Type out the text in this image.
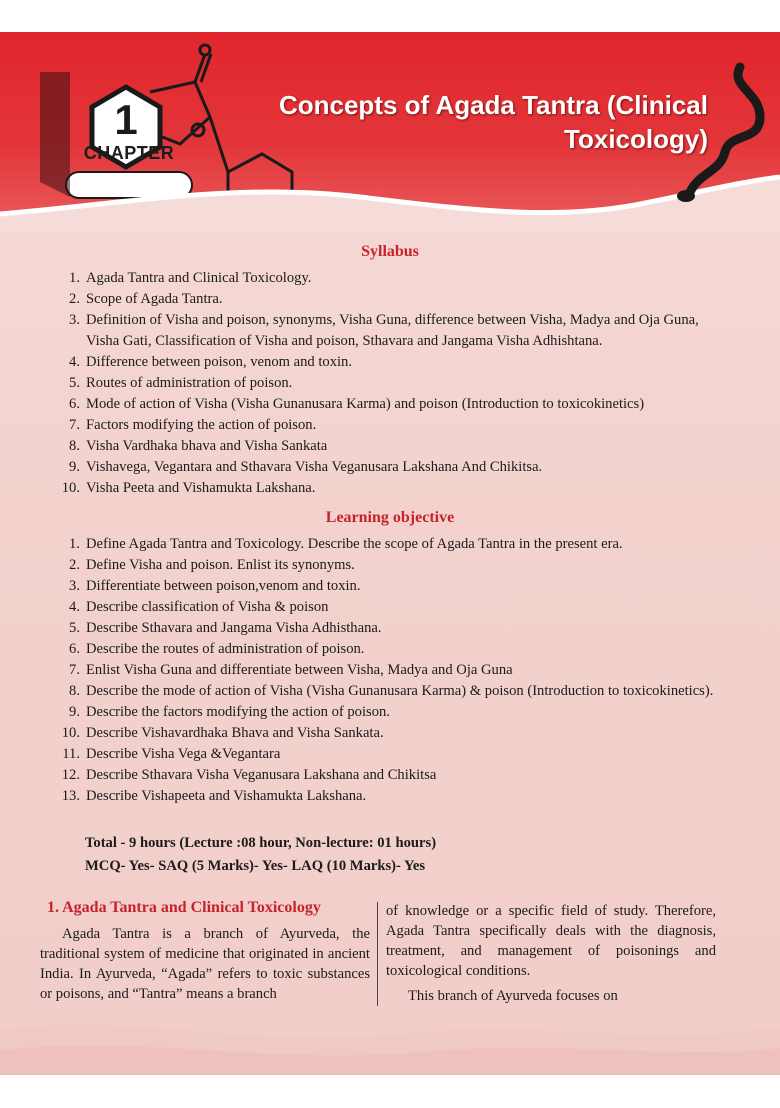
1
CHAPTER
Concepts of Agada Tantra (Clinical Toxicology)
Syllabus
1. Agada Tantra and Clinical Toxicology.
2. Scope of Agada Tantra.
3. Definition of Visha and poison, synonyms, Visha Guna, difference between Visha, Madya and Oja Guna, Visha Gati, Classification of Visha and poison, Sthavara and Jangama Visha Adhishtana.
4. Difference between poison, venom and toxin.
5. Routes of administration of poison.
6. Mode of action of Visha (Visha Gunanusara Karma) and poison (Introduction to toxicokinetics)
7. Factors modifying the action of poison.
8. Visha Vardhaka bhava and Visha Sankata
9. Vishavega, Vegantara and Sthavara Visha Veganusara Lakshana And Chikitsa.
10. Visha Peeta and Vishamukta Lakshana.
Learning objective
1. Define Agada Tantra and Toxicology. Describe the scope of Agada Tantra in the present era.
2. Define Visha and poison. Enlist its synonyms.
3. Differentiate between poison,venom and toxin.
4. Describe classification of Visha & poison
5. Describe Sthavara and Jangama Visha Adhisthana.
6. Describe the routes of administration of poison.
7. Enlist Visha Guna and differentiate between Visha, Madya and Oja Guna
8. Describe the mode of action of Visha (Visha Gunanusara Karma) & poison (Introduction to toxicokinetics).
9. Describe the factors modifying the action of poison.
10. Describe Vishavardhaka Bhava and Visha Sankata.
11. Describe Visha Vega &Vegantara
12. Describe Sthavara Visha Veganusara Lakshana and Chikitsa
13. Describe Vishapeeta and Vishamukta Lakshana.
Total - 9 hours (Lecture :08 hour, Non-lecture: 01 hours)
MCQ- Yes- SAQ (5 Marks)- Yes- LAQ (10 Marks)- Yes
1. Agada Tantra and Clinical Toxicology

Agada Tantra is a branch of Ayurveda, the traditional system of medicine that originated in ancient India. In Ayurveda, “Agada” refers to toxic substances or poisons, and “Tantra” means a branch

of knowledge or a specific field of study. Therefore, Agada Tantra specifically deals with the diagnosis, treatment, and management of poisonings and toxicological conditions.

This branch of Ayurveda focuses on
